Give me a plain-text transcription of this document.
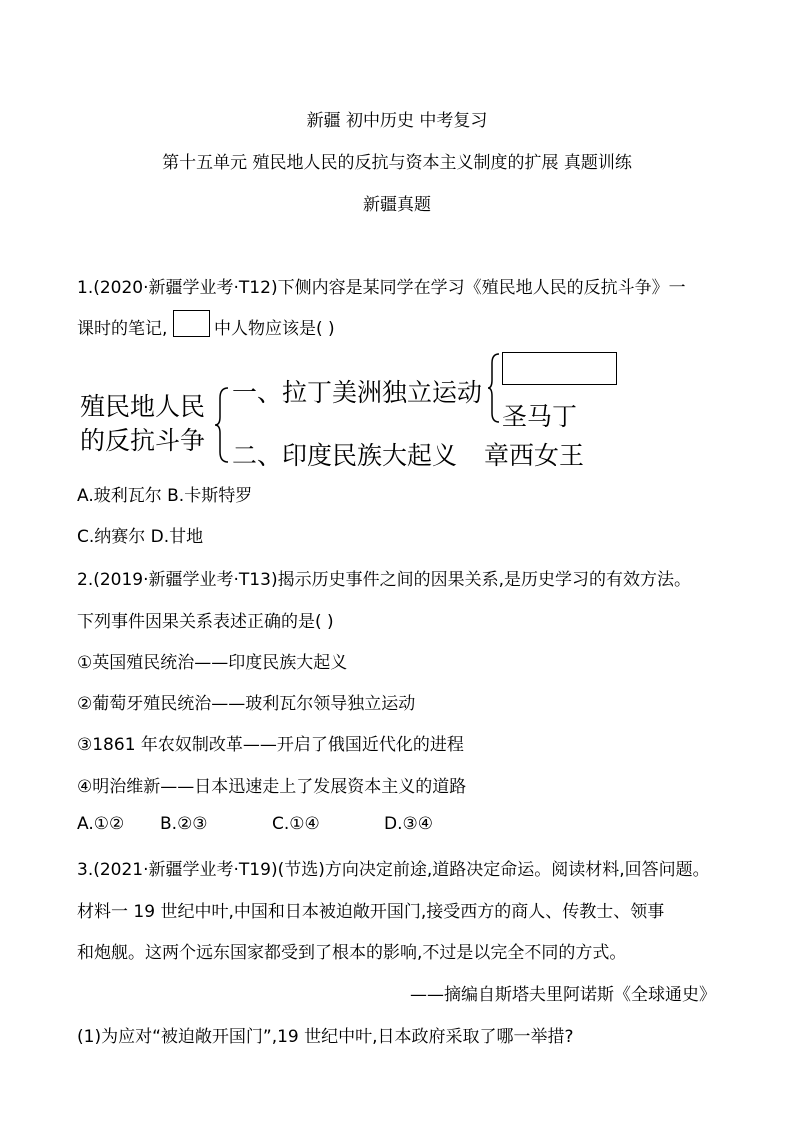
新疆 初中历史 中考复习
第十五单元 殖民地人民的反抗与资本主义制度的扩展 真题训练
新疆真题
1.(2020·新疆学业考·T12)下侧内容是某同学在学习《殖民地人民的反抗斗争》一
课时的笔记,	中人物应该是( )
殖民地人民
的反抗斗争
一、拉丁美洲独立运动
二、印度民族大起义
圣马丁
章西女王
A.玻利瓦尔 B.卡斯特罗
C.纳赛尔 D.甘地
2.(2019·新疆学业考·T13)揭示历史事件之间的因果关系,是历史学习的有效方法。
下列事件因果关系表述正确的是( )
①英国殖民统治——印度民族大起义
②葡萄牙殖民统治——玻利瓦尔领导独立运动
③1861 年农奴制改革——开启了俄国近代化的进程
④明治维新——日本迅速走上了发展资本主义的道路
A.①② B.②③	C.①④	D.③④
3.(2021·新疆学业考·T19)(节选)方向决定前途,道路决定命运。阅读材料,回答问题。
材料一 19 世纪中叶,中国和日本被迫敞开国门,接受西方的商人、传教士、领事
和炮舰。这两个远东国家都受到了根本的影响,不过是以完全不同的方式。
——摘编自斯塔夫里阿诺斯《全球通史》
(1)为应对“被迫敞开国门”,19 世纪中叶,日本政府采取了哪一举措?
